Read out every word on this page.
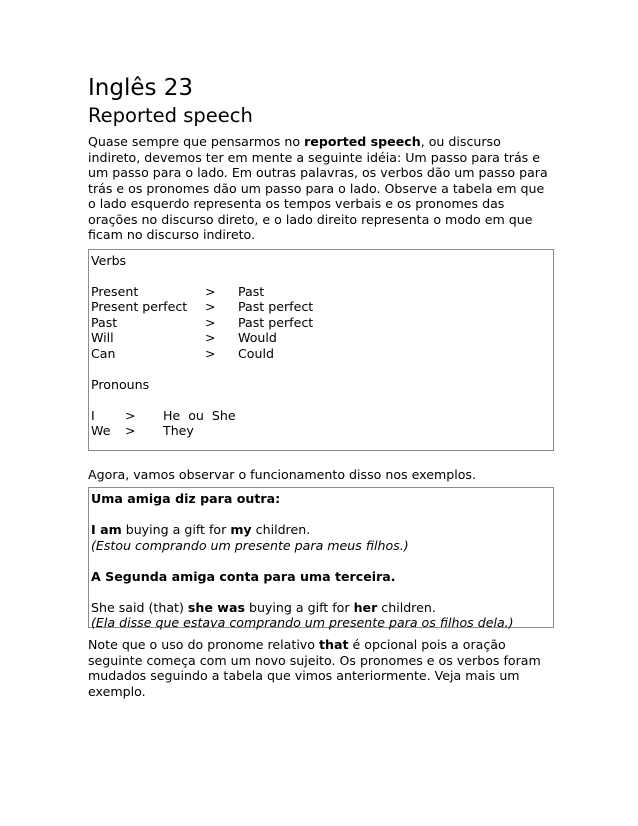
Inglês 23
Reported speech

Quase sempre que pensarmos no reported speech, ou discurso indireto, devemos ter em mente a seguinte idéia: Um passo para trás e um passo para o lado. Em outras palavras, os verbos dão um passo para trás e os pronomes dão um passo para o lado. Observe a tabela em que o lado esquerdo representa os tempos verbais e os pronomes das orações no discurso direto, e o lado direito representa o modo em que ficam no discurso indireto.

Verbs
Present	>	Past
Present perfect	>	Past perfect
Past	>	Past perfect
Will	>	Would
Can	>	Could
Pronouns
I	>	He  ou  She
We	>	They
Agora, vamos observar o funcionamento disso nos exemplos.
Uma amiga diz para outra:
I am buying a gift for my children.
(Estou comprando um presente para meus filhos.)
A Segunda amiga conta para uma terceira.
She said (that) she was buying a gift for her children.
(Ela disse que estava comprando um presente para os filhos dela.)

Note que o uso do pronome relativo that é opcional pois a oração seguinte começa com um novo sujeito. Os pronomes e os verbos foram mudados seguindo a tabela que vimos anteriormente. Veja mais um exemplo.
